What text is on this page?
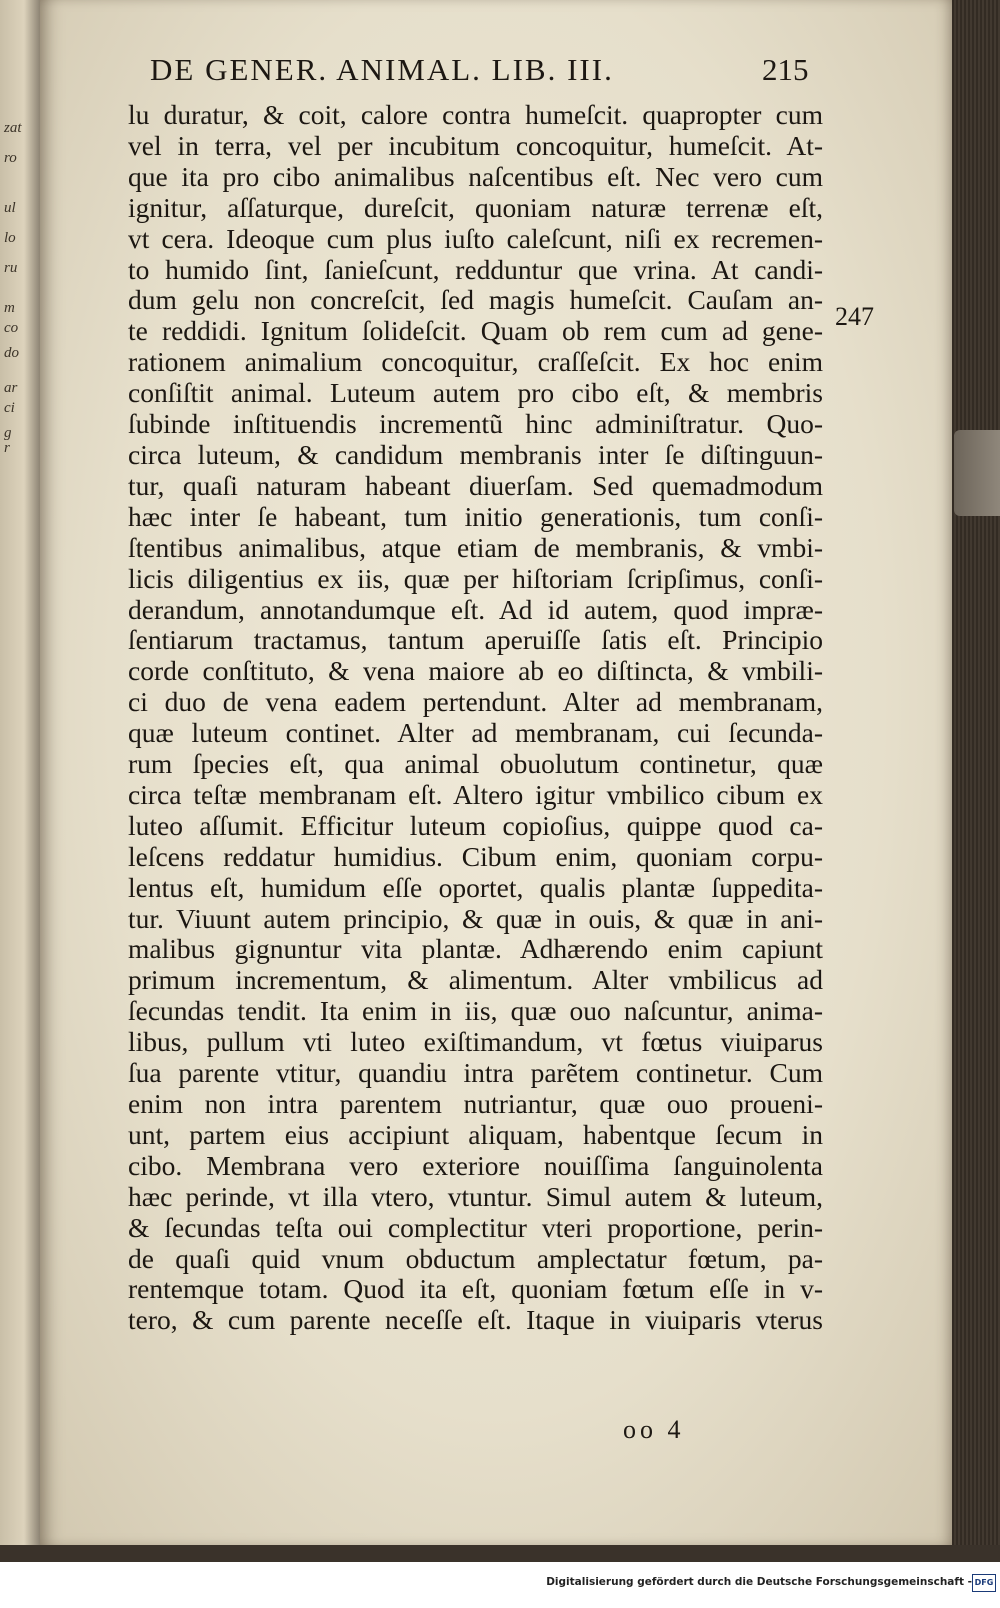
zat
ro
ul
lo
ru
m
co
do
ar
ci
g
r
DE GENER. ANIMAL. LIB. III.	215
247
lu duratur, & coit, calore contra humeſcit. quapropter cum
vel in terra, vel per incubitum concoquitur, humeſcit. At-
que ita pro cibo animalibus naſcentibus eſt. Nec vero cum
ignitur, aſſaturque, dureſcit, quoniam naturæ terrenæ eſt,
vt cera. Ideoque cum plus iuſto caleſcunt, niſi ex recremen-
to humido ſint, ſanieſcunt, redduntur que vrina. At candi-
dum gelu non concreſcit, ſed magis humeſcit. Cauſam an-
te reddidi. Ignitum ſolideſcit. Quam ob rem cum ad gene-
rationem animalium concoquitur, craſſeſcit. Ex hoc enim
conſiſtit animal. Luteum autem pro cibo eſt, & membris
ſubinde inſtituendis incrementũ hinc adminiſtratur. Quo-
circa luteum, & candidum membranis inter ſe diſtinguun-
tur, quaſi naturam habeant diuerſam. Sed quemadmodum
hæc inter ſe habeant, tum initio generationis, tum conſi-
ſtentibus animalibus, atque etiam de membranis, & vmbi-
licis diligentius ex iis, quæ per hiſtoriam ſcripſimus, conſi-
derandum, annotandumque eſt. Ad id autem, quod impræ-
ſentiarum tractamus, tantum aperuiſſe ſatis eſt. Principio
corde conſtituto, & vena maiore ab eo diſtincta, & vmbili-
ci duo de vena eadem pertendunt. Alter ad membranam,
quæ luteum continet. Alter ad membranam, cui ſecunda-
rum ſpecies eſt, qua animal obuolutum continetur, quæ
circa teſtæ membranam eſt. Altero igitur vmbilico cibum ex
luteo aſſumit. Efficitur luteum copioſius, quippe quod ca-
leſcens reddatur humidius. Cibum enim, quoniam corpu-
lentus eſt, humidum eſſe oportet, qualis plantæ ſuppedita-
tur. Viuunt autem principio, & quæ in ouis, & quæ in ani-
malibus gignuntur vita plantæ. Adhærendo enim capiunt
primum incrementum, & alimentum. Alter vmbilicus ad
ſecundas tendit. Ita enim in iis, quæ ouo naſcuntur, anima-
libus, pullum vti luteo exiſtimandum, vt fœtus viuiparus
ſua parente vtitur, quandiu intra parẽtem continetur. Cum
enim non intra parentem nutriantur, quæ ouo proueni-
unt, partem eius accipiunt aliquam, habentque ſecum in
cibo. Membrana vero exteriore nouiſſima ſanguinolenta
hæc perinde, vt illa vtero, vtuntur. Simul autem & luteum,
& ſecundas teſta oui complectitur vteri proportione, perin-
de quaſi quid vnum obductum amplectatur fœtum, pa-
rentemque totam. Quod ita eſt, quoniam fœtum eſſe in v-
tero, & cum parente neceſſe eſt. Itaque in viuiparis vterus
oo 4
Digitalisierung gefördert durch die Deutsche Forschungsgemeinschaft - DFG
